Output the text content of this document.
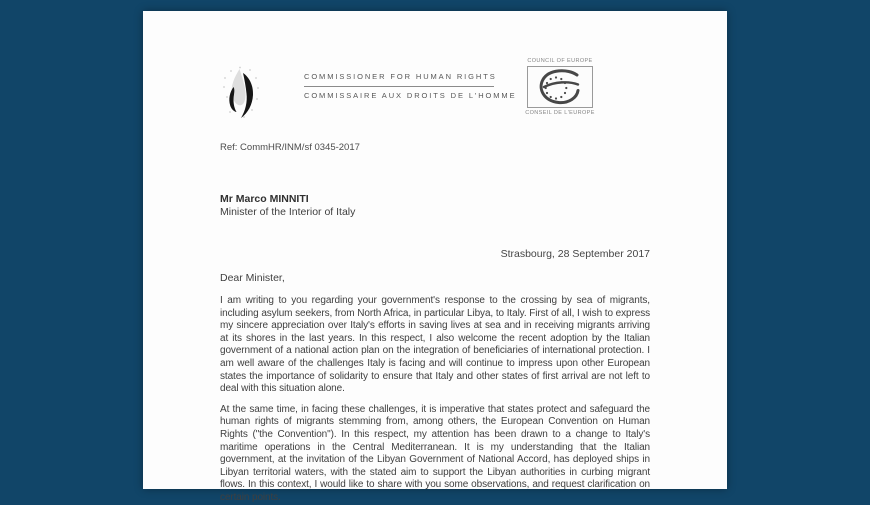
COMMISSIONER FOR HUMAN RIGHTS
COMMISSAIRE AUX DROITS DE L'HOMME
COUNCIL OF EUROPE
CONSEIL DE L'EUROPE
Ref: CommHR/INM/sf 0345-2017
Mr Marco MINNITI
Minister of the Interior of Italy
Strasbourg, 28 September 2017
Dear Minister,

I am writing to you regarding your government's response to the crossing by sea of migrants, including asylum seekers, from North Africa, in particular Libya, to Italy. First of all, I wish to express my sincere appreciation over Italy's efforts in saving lives at sea and in receiving migrants arriving at its shores in the last years. In this respect, I also welcome the recent adoption by the Italian government of a national action plan on the integration of beneficiaries of international protection. I am well aware of the challenges Italy is facing and will continue to impress upon other European states the importance of solidarity to ensure that Italy and other states of first arrival are not left to deal with this situation alone.

At the same time, in facing these challenges, it is imperative that states protect and safeguard the human rights of migrants stemming from, among others, the European Convention on Human Rights ("the Convention"). In this respect, my attention has been drawn to a change to Italy's maritime operations in the Central Mediterranean. It is my understanding that the Italian government, at the invitation of the Libyan Government of National Accord, has deployed ships in Libyan territorial waters, with the stated aim to support the Libyan authorities in curbing migrant flows. In this context, I would like to share with you some observations, and request clarification on certain points.
